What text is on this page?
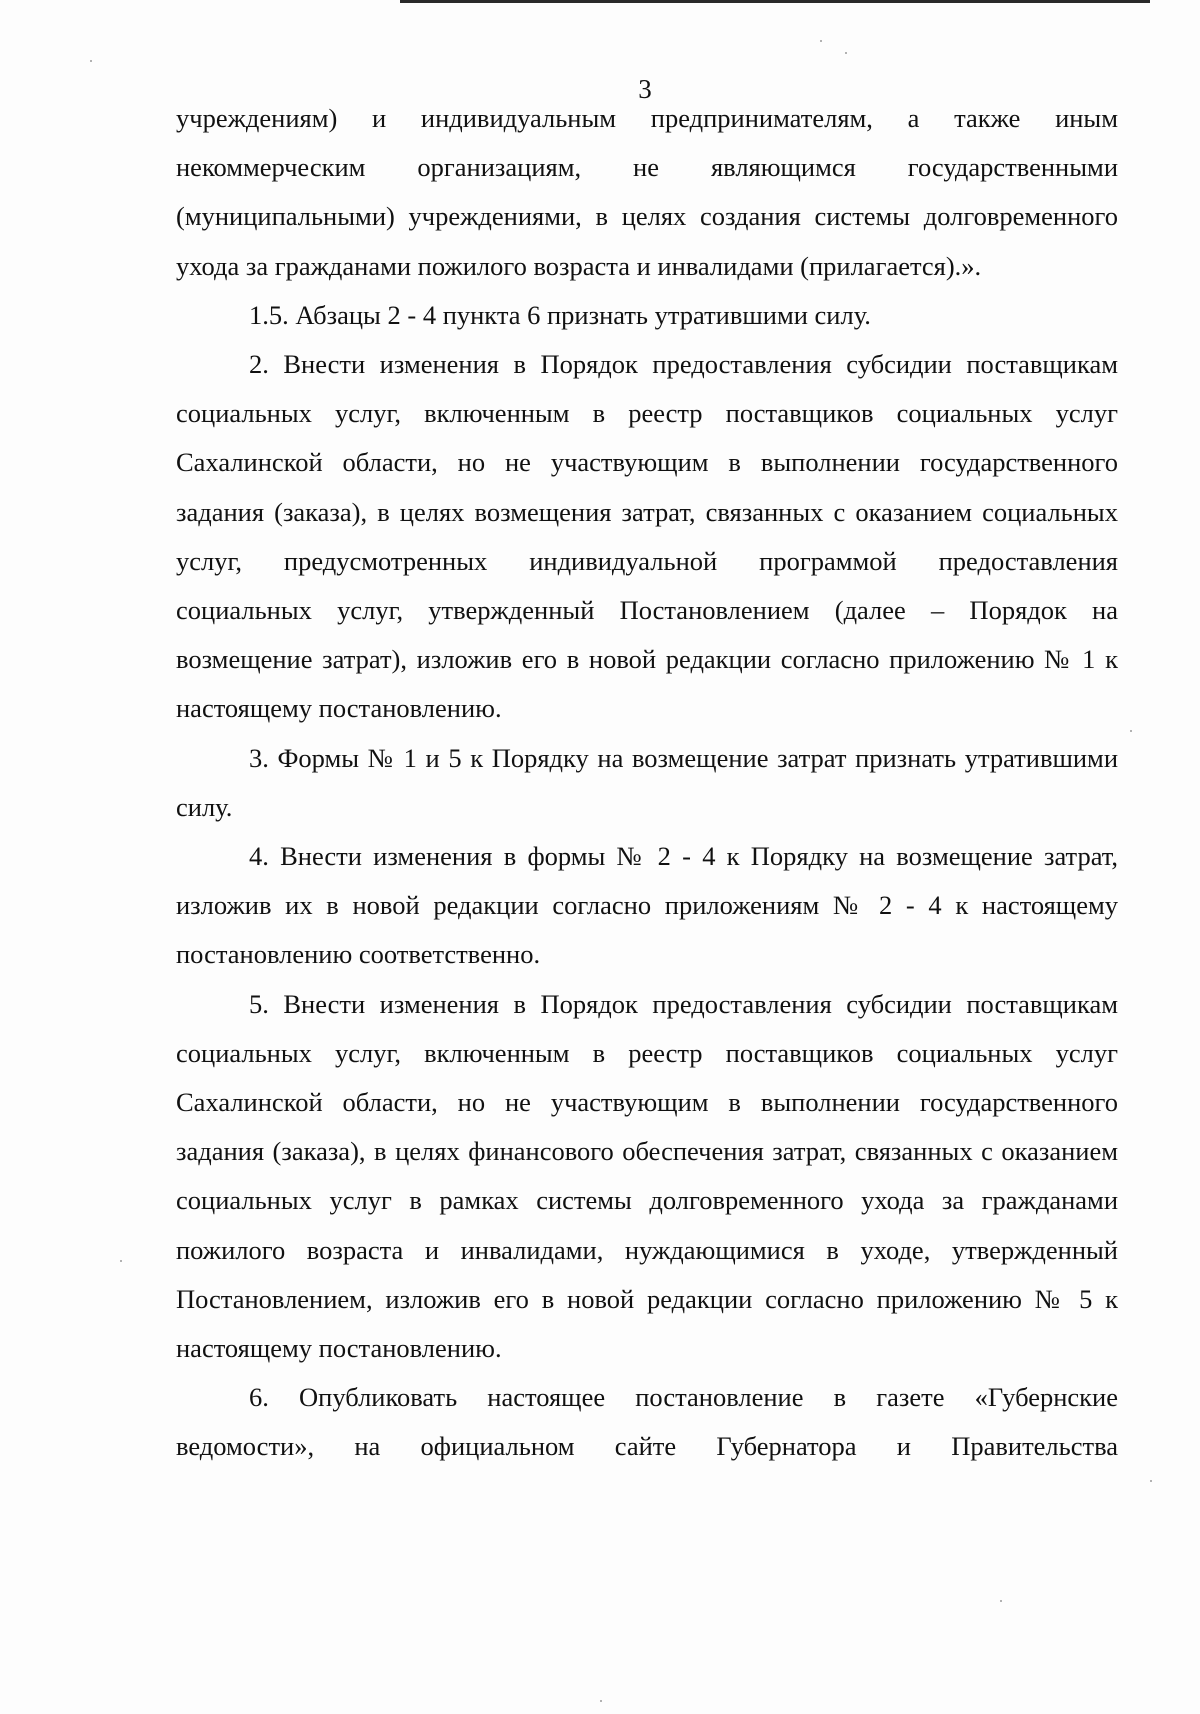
3

учреждениям) и индивидуальным предпринимателям, а также иным некоммерческим организациям, не являющимся государственными (муниципальными) учреждениями, в целях создания системы долговременного ухода за гражданами пожилого возраста и инвалидами (прилагается).».

1.5. Абзацы 2 - 4 пункта 6 признать утратившими силу.

2. Внести изменения в Порядок предоставления субсидии поставщикам социальных услуг, включенным в реестр поставщиков социальных услуг Сахалинской области, но не участвующим в выполнении государственного задания (заказа), в целях возмещения затрат, связанных с оказанием социальных услуг, предусмотренных индивидуальной программой предоставления социальных услуг, утвержденный Постановлением (далее – Порядок на возмещение затрат), изложив его в новой редакции согласно приложению № 1 к настоящему постановлению.

3. Формы № 1 и 5 к Порядку на возмещение затрат признать утратившими силу.

4. Внести изменения в формы № 2 - 4 к Порядку на возмещение затрат, изложив их в новой редакции согласно приложениям № 2 - 4 к настоящему постановлению соответственно.

5. Внести изменения в Порядок предоставления субсидии поставщикам социальных услуг, включенным в реестр поставщиков социальных услуг Сахалинской области, но не участвующим в выполнении государственного задания (заказа), в целях финансового обеспечения затрат, связанных с оказанием социальных услуг в рамках системы долговременного ухода за гражданами пожилого возраста и инвалидами, нуждающимися в уходе, утвержденный Постановлением, изложив его в новой редакции согласно приложению № 5 к настоящему постановлению.

6. Опубликовать настоящее постановление в газете «Губернские ведомости», на официальном сайте Губернатора и Правительства
